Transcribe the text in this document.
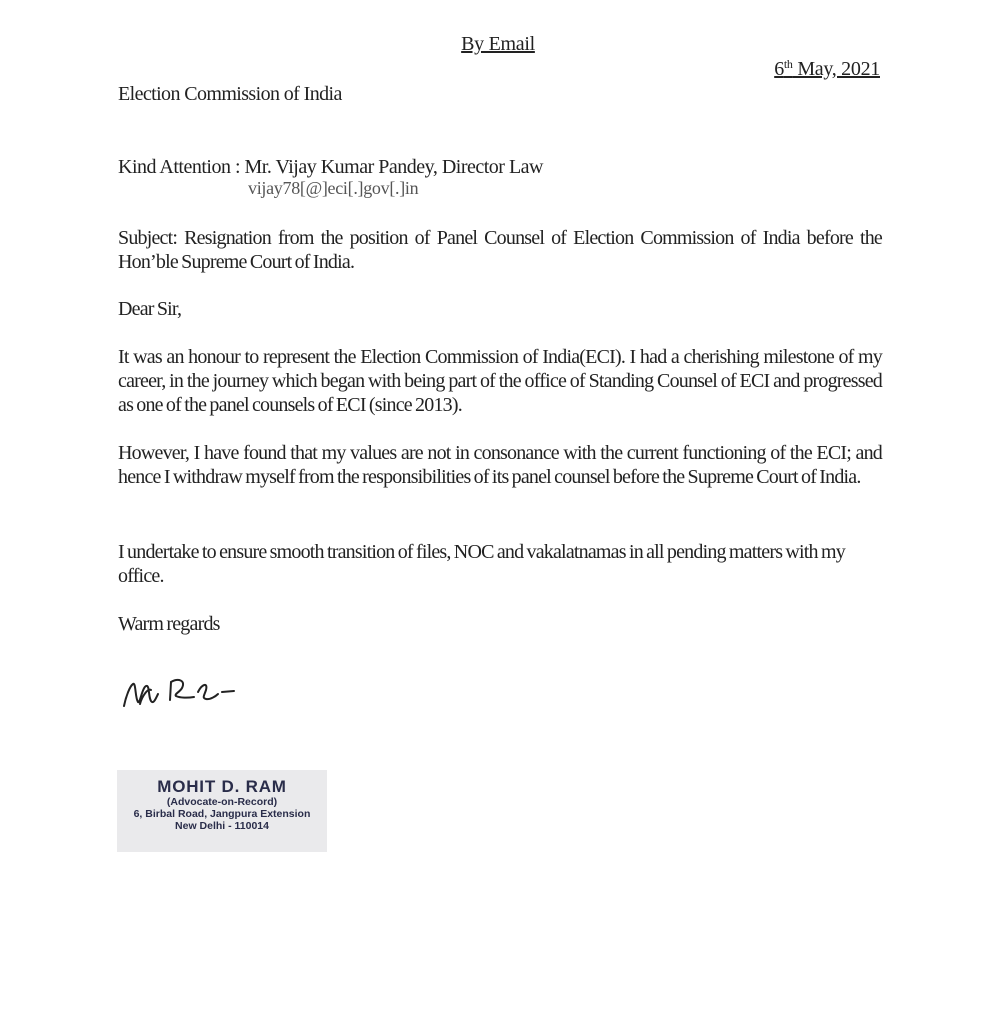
By Email
6th May, 2021
Election Commission of India
Kind Attention : Mr. Vijay Kumar Pandey, Director Law
vijay78[@]eci[.]gov[.]in
Subject: Resignation from the position of Panel Counsel of Election Commission of India before the Hon’ble Supreme Court of India.
Dear Sir,
It was an honour to represent the Election Commission of India(ECI). I had a cherishing milestone of my career, in the journey which began with being part of the office of Standing Counsel of ECI and progressed as one of the panel counsels of ECI (since 2013).
However, I have found that my values are not in consonance with the current functioning of the ECI; and hence I withdraw myself from the responsibilities of its panel counsel before the Supreme Court of India.
I undertake to ensure smooth transition of files, NOC and vakalatnamas in all pending matters with my office.
Warm regards
MOHIT D. RAM
(Advocate-on-Record)
6, Birbal Road, Jangpura Extension
New Delhi - 110014
